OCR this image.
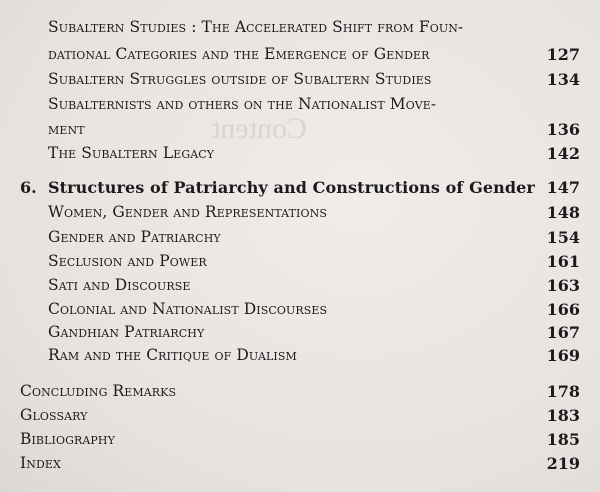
Content
Subaltern Studies : The Accelerated Shift from Foun-
dational Categories and the Emergence of Gender	127
Subaltern Struggles outside of Subaltern Studies	134
Subalternists and others on the Nationalist Move-
ment	136
The Subaltern Legacy	142
6. Structures of Patriarchy and Constructions of Gender 147
Women, Gender and Representations	148
Gender and Patriarchy	154
Seclusion and Power	161
Sati and Discourse	163
Colonial and Nationalist Discourses	166
Gandhian Patriarchy	167
Ram and the Critique of Dualism	169
Concluding Remarks	178
Glossary	183
Bibliography	185
Index	219
